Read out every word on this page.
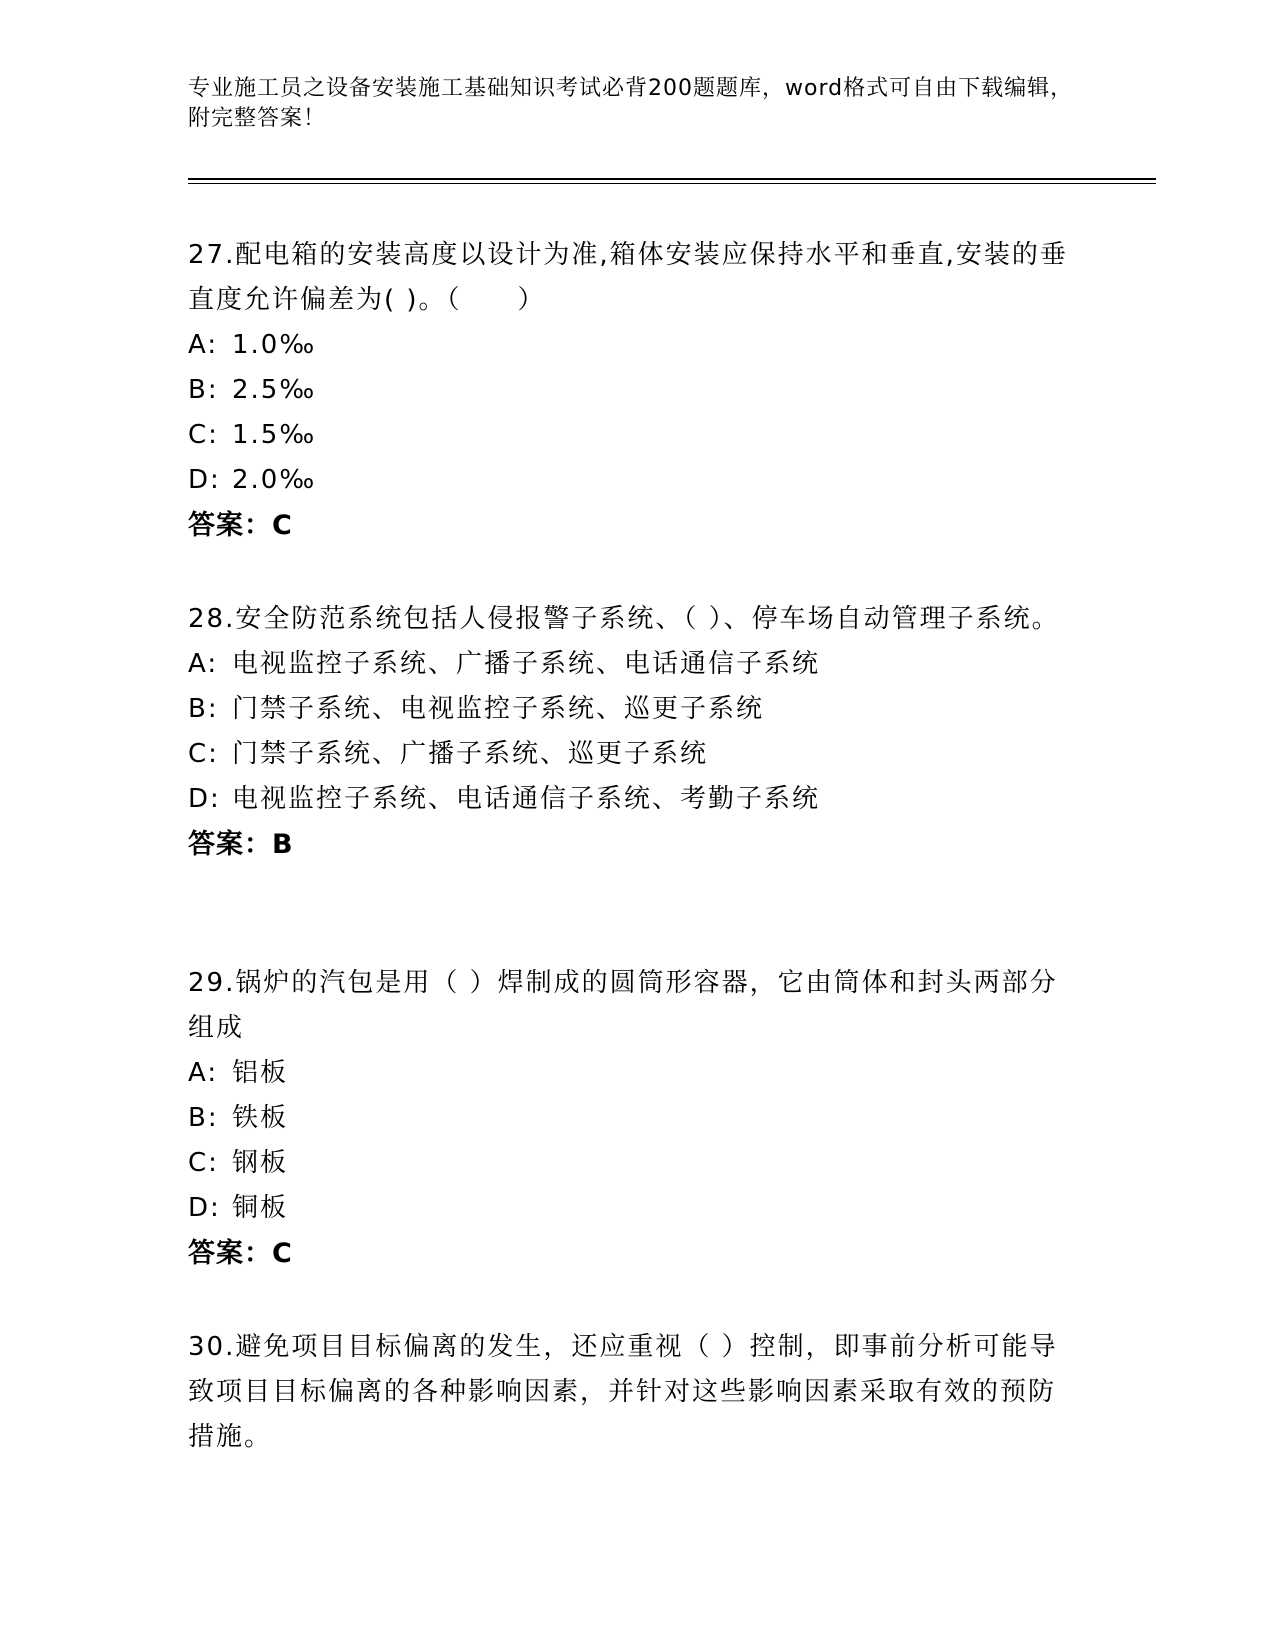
专业施工员之设备安装施工基础知识考试必背200题题库，word格式可自由下载编辑，附完整答案！
27.配电箱的安装高度以设计为准,箱体安装应保持水平和垂直,安装的垂直度允许偏差为( )。（　　）
A: 1.0‰
B: 2.5‰
C: 1.5‰
D: 2.0‰
答案：C
28.安全防范系统包括人侵报警子系统、（ ）、停车场自动管理子系统。
A: 电视监控子系统、广播子系统、电话通信子系统
B: 门禁子系统、电视监控子系统、巡更子系统
C: 门禁子系统、广播子系统、巡更子系统
D: 电视监控子系统、电话通信子系统、考勤子系统
答案：B
29.锅炉的汽包是用（ ）焊制成的圆筒形容器，它由筒体和封头两部分组成
A: 铝板
B: 铁板
C: 钢板
D: 铜板
答案：C
30.避免项目目标偏离的发生，还应重视（ ）控制，即事前分析可能导致项目目标偏离的各种影响因素，并针对这些影响因素采取有效的预防措施。
